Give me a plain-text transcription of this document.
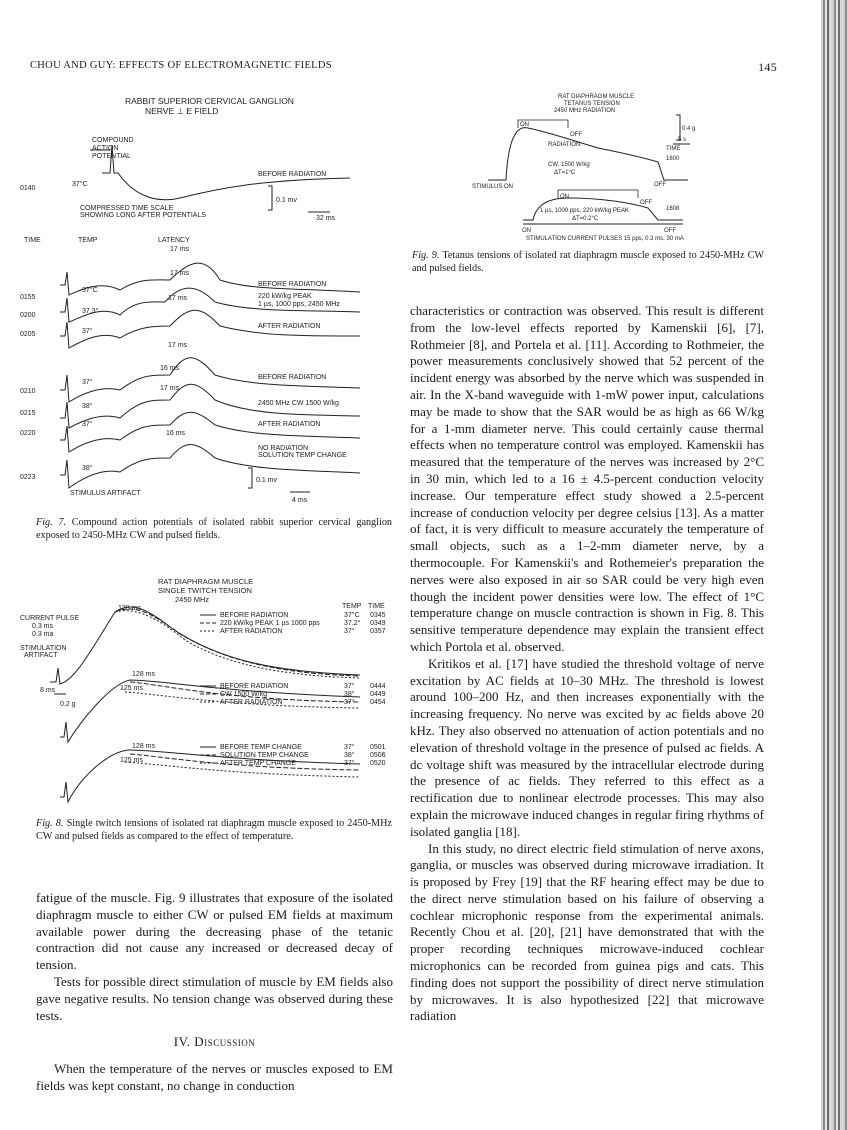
CHOU AND GUY: EFFECTS OF ELECTROMAGNETIC FIELDS	145
RABBIT SUPERIOR CERVICAL GANGLION
NERVE ⊥ E FIELD
COMPOUND
ACTION
POTENTIAL
BEFORE RADIATION
0140
37°C
0.1 mv
32 ms
COMPRESSED TIME SCALE
SHOWING LONG AFTER POTENTIALS
TIME	TEMP	LATENCY
17 ms
17 ms
17 ms
0155
0200
0205
37°C
37.3°
37°
BEFORE RADIATION
220 kW/kg PEAK
1 µs, 1000 pps, 2450 MHz
AFTER RADIATION
17 ms
16 ms
17 ms
16 ms
0210
0215
0220
37°
38°
37°
BEFORE RADIATION
2450 MHz CW 1500 W/kg
AFTER RADIATION
0223
38°
NO RADIATION
SOLUTION TEMP CHANGE
0.1 mv
4 ms
STIMULUS ARTIFACT
Fig. 7. Compound action potentials of isolated rabbit superior cervical ganglion exposed to 2450-MHz CW and pulsed fields.
RAT DIAPHRAGM MUSCLE
SINGLE TWITCH TENSION
2450 MHz
TEMP TIME
CURRENT PULSE
0.3 ms
0.3 ma
STIMULATION
ARTIFACT
128 ms
128 ms
125 ms
128 ms
125 ms
8 ms
0.2 g
BEFORE RADIATION
220 kW/kg PEAK 1 µs 1000 pps
AFTER RADIATION
37°C
37.2°
37°
0345
0349
0357
BEFORE RADIATION
CW 1500 W/kg
AFTER RADIATION
37°
38°
37°
0444
0449
0454
BEFORE TEMP CHANGE
SOLUTION TEMP CHANGE
AFTER TEMP CHANGE
37°
38°
37°
0501
0506
0520
Fig. 8. Single twitch tensions of isolated rat diaphragm muscle exposed to 2450-MHz CW and pulsed fields as compared to the effect of temperature.
RAT DIAPHRAGM MUSCLE
TETANUS TENSION
2450 MHz RADIATION
0.4 g
5 s
ON
OFF
RADIATION
TIME
1600
CW, 1500 W/kg
ΔT=1°C
STIMULUS ON	OFF
ON
OFF
1608
1 µs, 1000 pps, 220 kW/kg PEAK
ΔT=0.2°C
ON	OFF
STIMULATION CURRENT PULSES 15 pps, 0.3 ms, 30 mA
Fig. 9. Tetanus tensions of isolated rat diaphragm muscle exposed to 2450-MHz CW and pulsed fields.

fatigue of the muscle. Fig. 9 illustrates that exposure of the isolated diaphragm muscle to either CW or pulsed EM fields at maximum available power during the decreasing phase of the tetanic contraction did not cause any increased or decreased decay of tension.

Tests for possible direct stimulation of muscle by EM fields also gave negative results. No tension change was observed during these tests.

IV. Discussion

When the temperature of the nerves or muscles exposed to EM fields was kept constant, no change in conduction

characteristics or contraction was observed. This result is different from the low-level effects reported by Kamenskii [6], [7], Rothmeier [8], and Portela et al. [11]. According to Rothmeier, the power measurements conclusively showed that 52 percent of the incident energy was absorbed by the nerve which was suspended in air. In the X-band waveguide with 1-mW power input, calculations may be made to show that the SAR would be as high as 66 W/kg for a 1-mm diameter nerve. This could certainly cause thermal effects when no temperature control was employed. Kamenskii has measured that the temperature of the nerves was increased by 2°C in 30 min, which led to a 16 ± 4.5-percent conduction velocity increase. Our temperature effect study showed a 2.5-percent increase of conduction velocity per degree celsius [13]. As a matter of fact, it is very difficult to measure accurately the temperature of small objects, such as a 1–2-mm diameter nerve, by a thermocouple. For Kamenskii's and Rothemeier's preparation the nerves were also exposed in air so SAR could be very high even though the incident power densities were low. The effect of 1°C temperature change on muscle contraction is shown in Fig. 8. This sensitive temperature dependence may explain the transient effect which Portola et al. observed.

Kritikos et al. [17] have studied the threshold voltage of nerve excitation by AC fields at 10–30 MHz. The threshold is lowest around 100–200 Hz, and then increases exponentially with the increasing frequency. No nerve was excited by ac fields above 20 kHz. They also observed no attenuation of action potentials and no elevation of threshold voltage in the presence of pulsed ac fields. A dc voltage shift was measured by the intracellular electrode during the presence of ac fields. They referred to this effect as a rectification due to nonlinear electrode processes. This may also explain the microwave induced changes in regular firing rhythms of isolated ganglia [18].

In this study, no direct electric field stimulation of nerve axons, ganglia, or muscles was observed during microwave irradiation. It is proposed by Frey [19] that the RF hearing effect may be due to the direct nerve stimulation based on his failure of observing a cochlear microphonic response from the experimental animals. Recently Chou et al. [20], [21] have demonstrated that with the proper recording techniques microwave-induced cochlear microphonics can be recorded from guinea pigs and cats. This finding does not support the possibility of direct nerve stimulation by microwaves. It is also hypothesized [22] that microwave radiation
